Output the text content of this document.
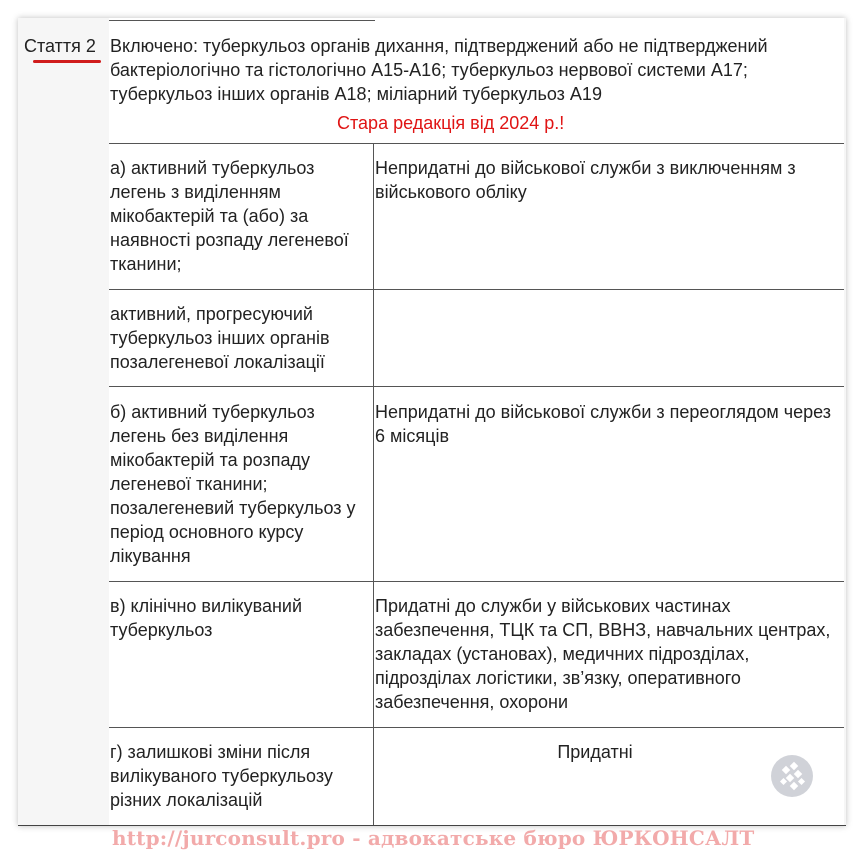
Стаття 2 Включено: туберкульоз органів дихання, підтверджений або не підтверджений бактеріологічно та гістологічно А15-А16; туберкульоз нервової системи А17; туберкульоз інших органів А18; міліарний туберкульоз А19
Стара редакція від 2024 р.!
а) активний туберкульоз легень з виділенням мікобактерій та (або) за наявності розпаду легеневої тканини;
Непридатні до військової служби з виключенням з військового обліку
активний, прогресуючий туберкульоз інших органів позалегеневої локалізації
б) активний туберкульоз легень без виділення мікобактерій та розпаду легеневої тканини; позалегеневий туберкульоз у період основного курсу лікування
Непридатні до військової служби з переоглядом через 6 місяців
в) клінічно вилікуваний туберкульоз
Придатні до служби у військових частинах забезпечення, ТЦК та СП, ВВНЗ, навчальних центрах, закладах (установах), медичних підрозділах, підрозділах логістики, зв’язку, оперативного забезпечення, охорони
г) залишкові зміни після вилікуваного туберкульозу різних локалізацій
Придатні
http://jurconsult.pro - адвокатське бюро ЮРКОНСАЛТ
